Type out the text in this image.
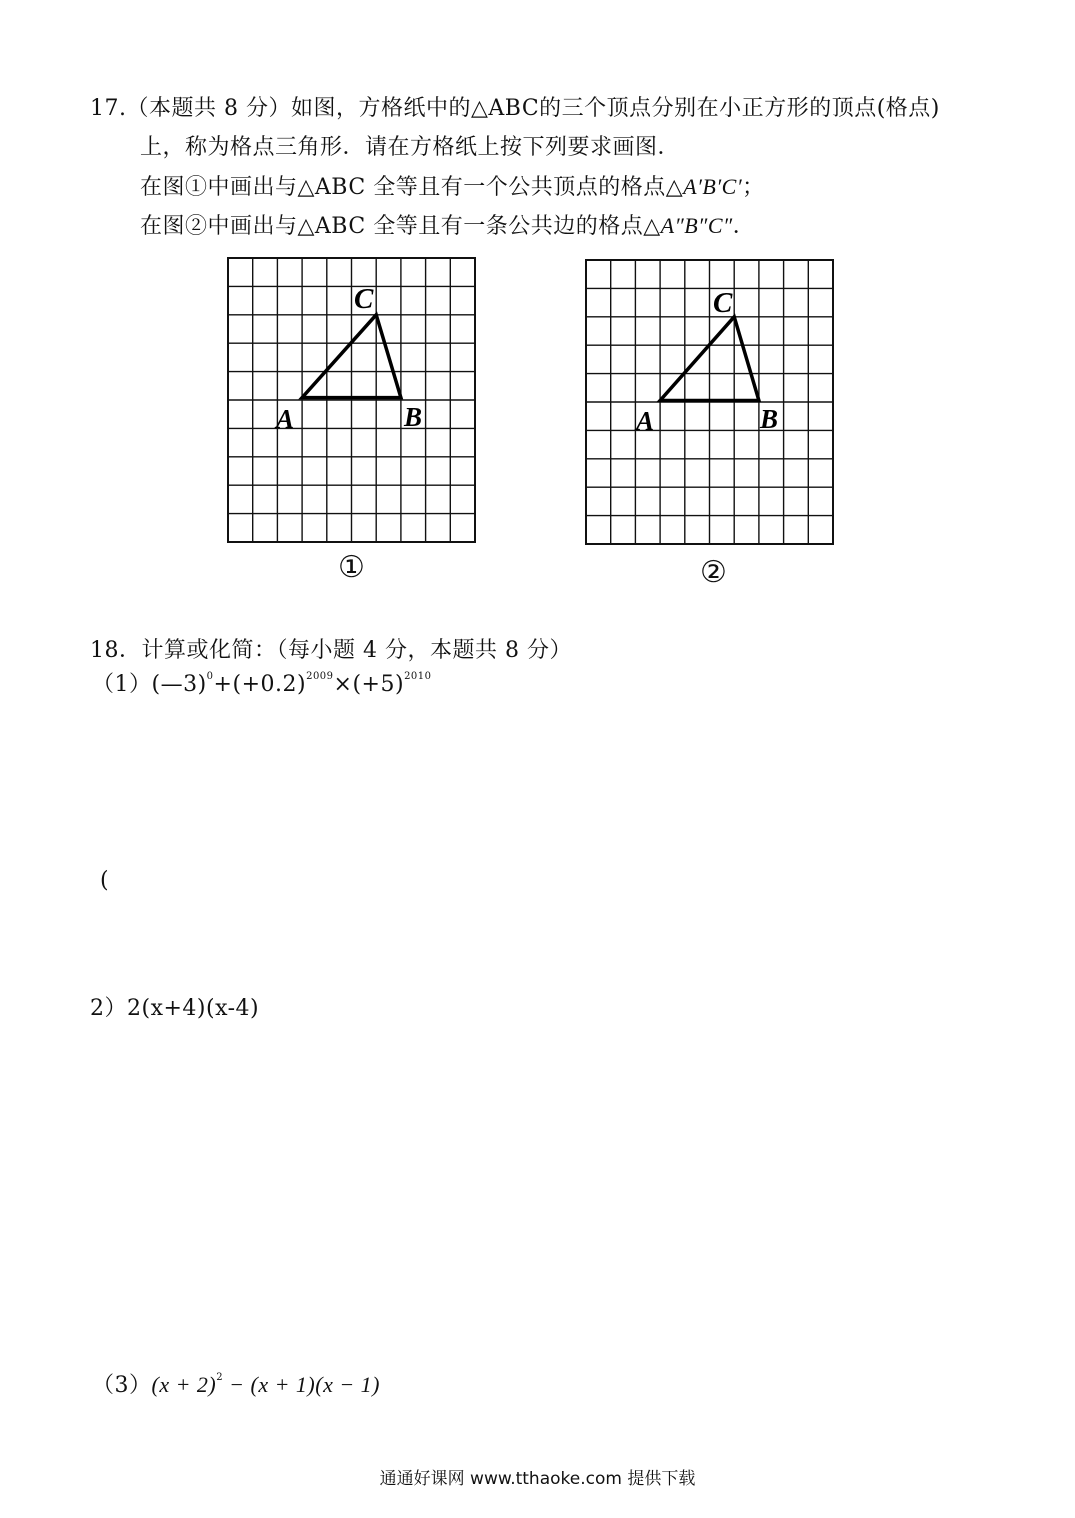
17.（本题共 8 分）如图，方格纸中的△ABC的三个顶点分别在小正方形的顶点(格点)
上，称为格点三角形．请在方格纸上按下列要求画图．
在图①中画出与△ABC 全等且有一个公共顶点的格点△A′B′C′；
在图②中画出与△ABC 全等且有一条公共边的格点△A″B″C″．
A	B
C
①
A	B
C
②
18．计算或化简：（每小题 4 分，本题共 8 分）
$(1)(—3)^0+(+0.2)^{2009}\times(+5)^{2010}$
(
2）2(x+4)(x-4)
$(3)(x + 2)^2 - (x + 1)(x - 1)$
通通好课网 www.tthaoke.com 提供下载
